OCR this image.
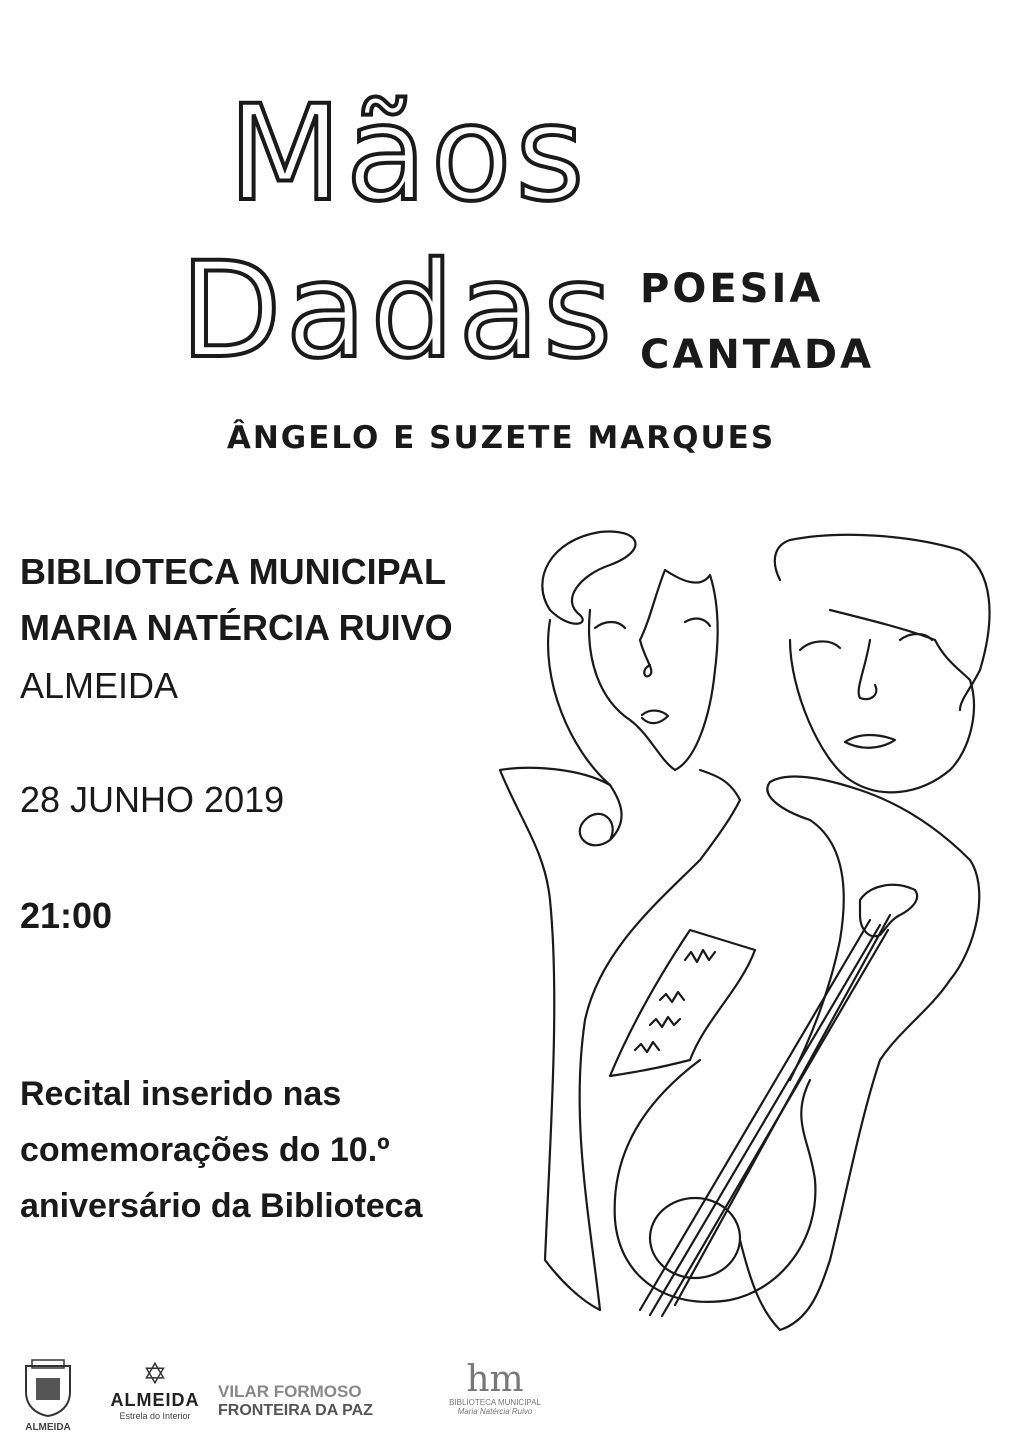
Mãos
Dadas POESIA
CANTADA
ÂNGELO E SUZETE MARQUES
BIBLIOTECA MUNICIPAL
MARIA NATÉRCIA RUIVO
ALMEIDA
28 JUNHO 2019
21:00
Recital inserido nas
comemorações do 10.º
aniversário da Biblioteca
ALMEIDA
✡
ALMEIDA
Estrela do Interior
VILAR FORMOSO
FRONTEIRA DA PAZ
hm
BIBLIOTECA MUNICIPAL
Maria Natércia Ruivo
